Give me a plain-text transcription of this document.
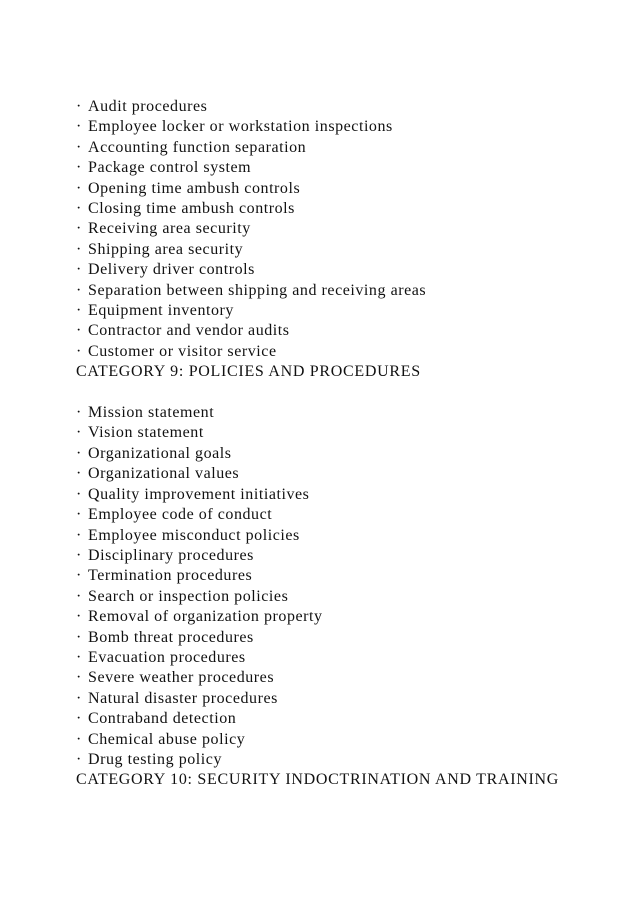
· Audit procedures
· Employee locker or workstation inspections
· Accounting function separation
· Package control system
· Opening time ambush controls
· Closing time ambush controls
· Receiving area security
· Shipping area security
· Delivery driver controls
· Separation between shipping and receiving areas
· Equipment inventory
· Contractor and vendor audits
· Customer or visitor service
CATEGORY 9: POLICIES AND PROCEDURES
· Mission statement
· Vision statement
· Organizational goals
· Organizational values
· Quality improvement initiatives
· Employee code of conduct
· Employee misconduct policies
· Disciplinary procedures
· Termination procedures
· Search or inspection policies
· Removal of organization property
· Bomb threat procedures
· Evacuation procedures
· Severe weather procedures
· Natural disaster procedures
· Contraband detection
· Chemical abuse policy
· Drug testing policy
CATEGORY 10: SECURITY INDOCTRINATION AND TRAINING
